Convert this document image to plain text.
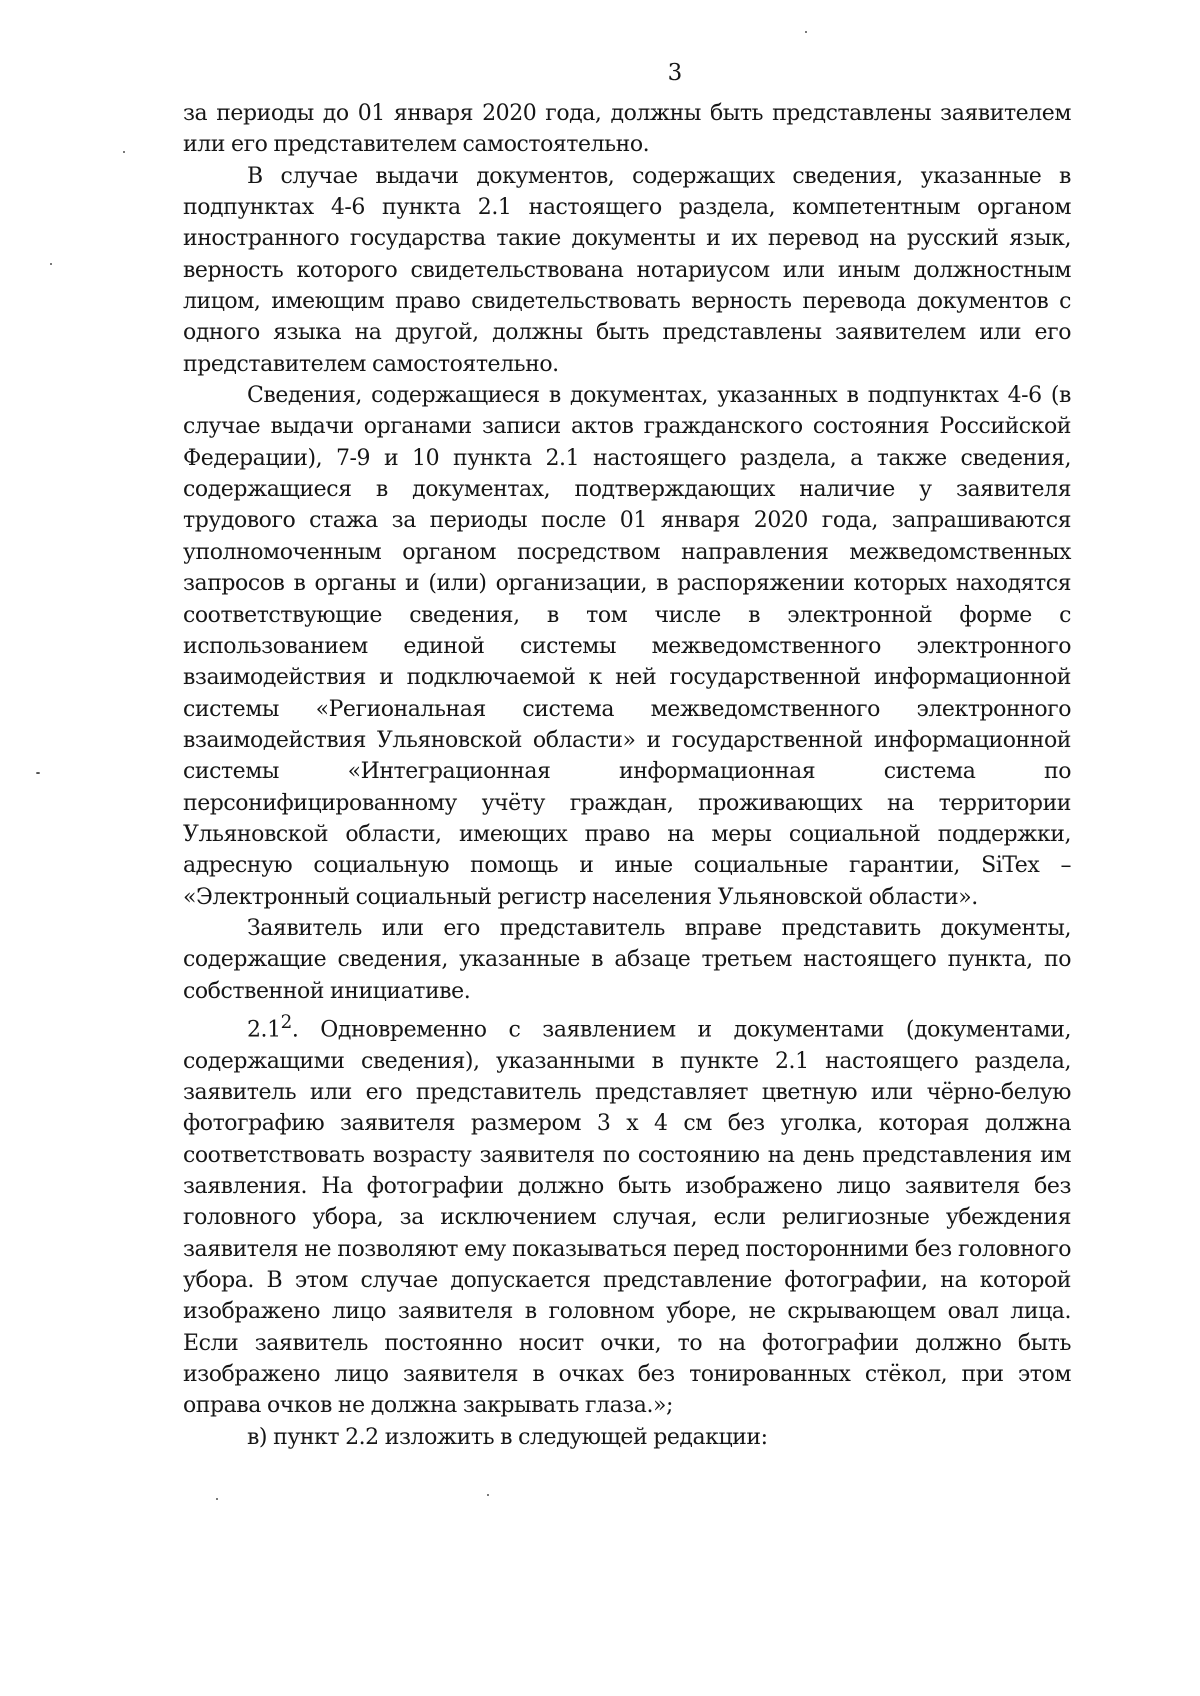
3

за периоды до 01 января 2020 года, должны быть представлены заявителем или его представителем самостоятельно.

В случае выдачи документов, содержащих сведения, указанные в подпунктах 4-6 пункта 2.1 настоящего раздела, компетентным органом иностранного государства такие документы и их перевод на русский язык, верность которого свидетельствована нотариусом или иным должностным лицом, имеющим право свидетельствовать верность перевода документов с одного языка на другой, должны быть представлены заявителем или его представителем самостоятельно.

Сведения, содержащиеся в документах, указанных в подпунктах 4-6 (в случае выдачи органами записи актов гражданского состояния Российской Федерации), 7-9 и 10 пункта 2.1 настоящего раздела, а также сведения, содержащиеся в документах, подтверждающих наличие у заявителя трудового стажа за периоды после 01 января 2020 года, запрашиваются уполномоченным органом посредством направления межведомственных запросов в органы и (или) организации, в распоряжении которых находятся соответствующие сведения, в том числе в электронной форме с использованием единой системы межведомственного электронного взаимодействия и подключаемой к ней государственной информационной системы «Региональная система межведомственного электронного взаимодействия Ульяновской области» и государственной информационной системы «Интеграционная информационная система по персонифицированному учёту граждан, проживающих на территории Ульяновской области, имеющих право на меры социальной поддержки, адресную социальную помощь и иные социальные гарантии, SiTex – «Электронный социальный регистр населения Ульяновской области».

Заявитель или его представитель вправе представить документы, содержащие сведения, указанные в абзаце третьем настоящего пункта, по собственной инициативе.

$2.1^2$. Одновременно с заявлением и документами (документами, содержащими сведения), указанными в пункте 2.1 настоящего раздела, заявитель или его представитель представляет цветную или чёрно-белую фотографию заявителя размером 3 х 4 см без уголка, которая должна соответствовать возрасту заявителя по состоянию на день представления им заявления. На фотографии должно быть изображено лицо заявителя без головного убора, за исключением случая, если религиозные убеждения заявителя не позволяют ему показываться перед посторонними без головного убора. В этом случае допускается представление фотографии, на которой изображено лицо заявителя в головном уборе, не скрывающем овал лица. Если заявитель постоянно носит очки, то на фотографии должно быть изображено лицо заявителя в очках без тонированных стёкол, при этом оправа очков не должна закрывать глаза.»;

в) пункт 2.2 изложить в следующей редакции:
